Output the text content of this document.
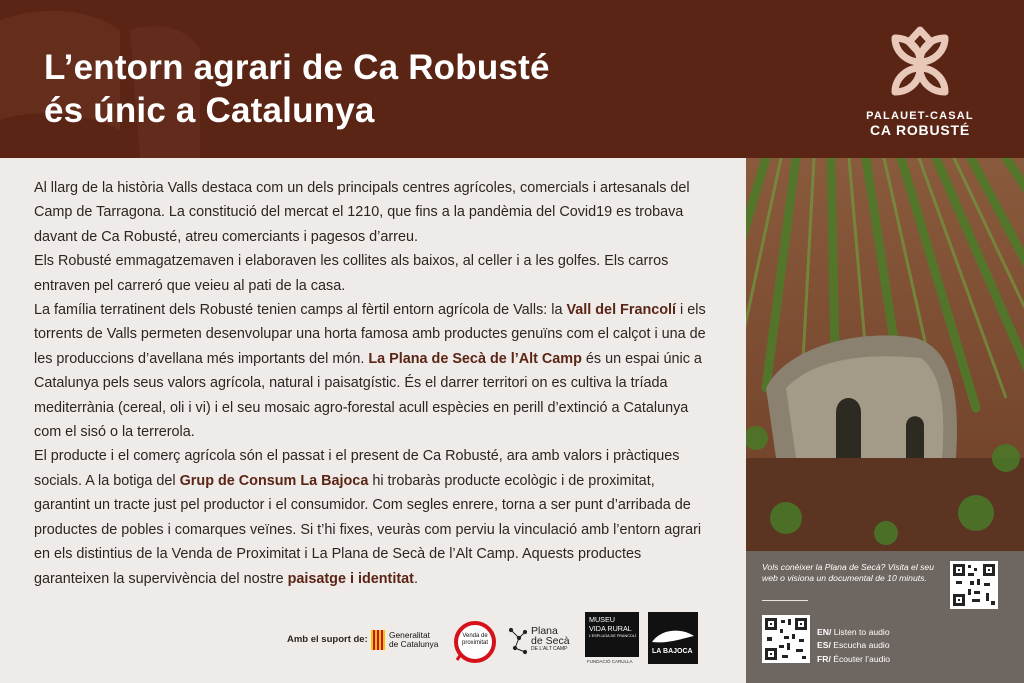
L’entorn agrari de Ca Robusté
és únic a Catalunya	PALAUET-CASAL
CA ROBUSTÉ

Al llarg de la història Valls destaca com un dels principals centres agrícoles, comercials i artesanals del Camp de Tarragona. La constitució del mercat el 1210, que fins a la pandèmia del Covid19 es trobava davant de Ca Robusté, atreu comerciants i pagesos d’arreu.

Els Robusté emmagatzemaven i elaboraven les collites als baixos, al celler i a les golfes. Els carros entraven pel carreró que veieu al pati de la casa.

La família terratinent dels Robusté tenien camps al fèrtil entorn agrícola de Valls: la Vall del Francolí i els torrents de Valls permeten desenvolupar una horta famosa amb productes genuïns com el calçot i una de les produccions d’avellana més importants del món. La Plana de Secà de l’Alt Camp és un espai únic a Catalunya pels seus valors agrícola, natural i paisatgístic. És el darrer territori on es cultiva la tríada mediterrània (cereal, oli i vi) i el seu mosaic agro-forestal acull espècies en perill d’extinció a Catalunya com el sisó o la terrerola.

El producte i el comerç agrícola són el passat i el present de Ca Robusté, ara amb valors i pràctiques socials. A la botiga del Grup de Consum La Bajoca hi trobaràs producte ecològic i de proximitat, garantint un tracte just pel productor i el consumidor. Com segles enrere, torna a ser punt d’arribada de productes de pobles i comarques veïnes. Si t’hi fixes, veuràs com perviu la vinculació amb l’entorn agrari en els distintius de la Venda de Proximitat i La Plana de Secà de l’Alt Camp. Aquests productes garanteixen la supervivència del nostre paisatge i identitat.

Amb el suport de:	Generalitat
de Catalunya
Venda de
proximitat
Plana
de Secà
DE L’ALT CAMP
MUSEU
VIDA RURAL
L’ESPLUGA DE FRANCOLÍ
FUNDACIÓ CARULLA
LA BAJOCA
Vols conèixer la Plana de Secà? Visita el seu web o visiona un documental de 10 minuts.
EN/ Listen to audio
ES/ Escucha audio
FR/ Écouter l’audio
